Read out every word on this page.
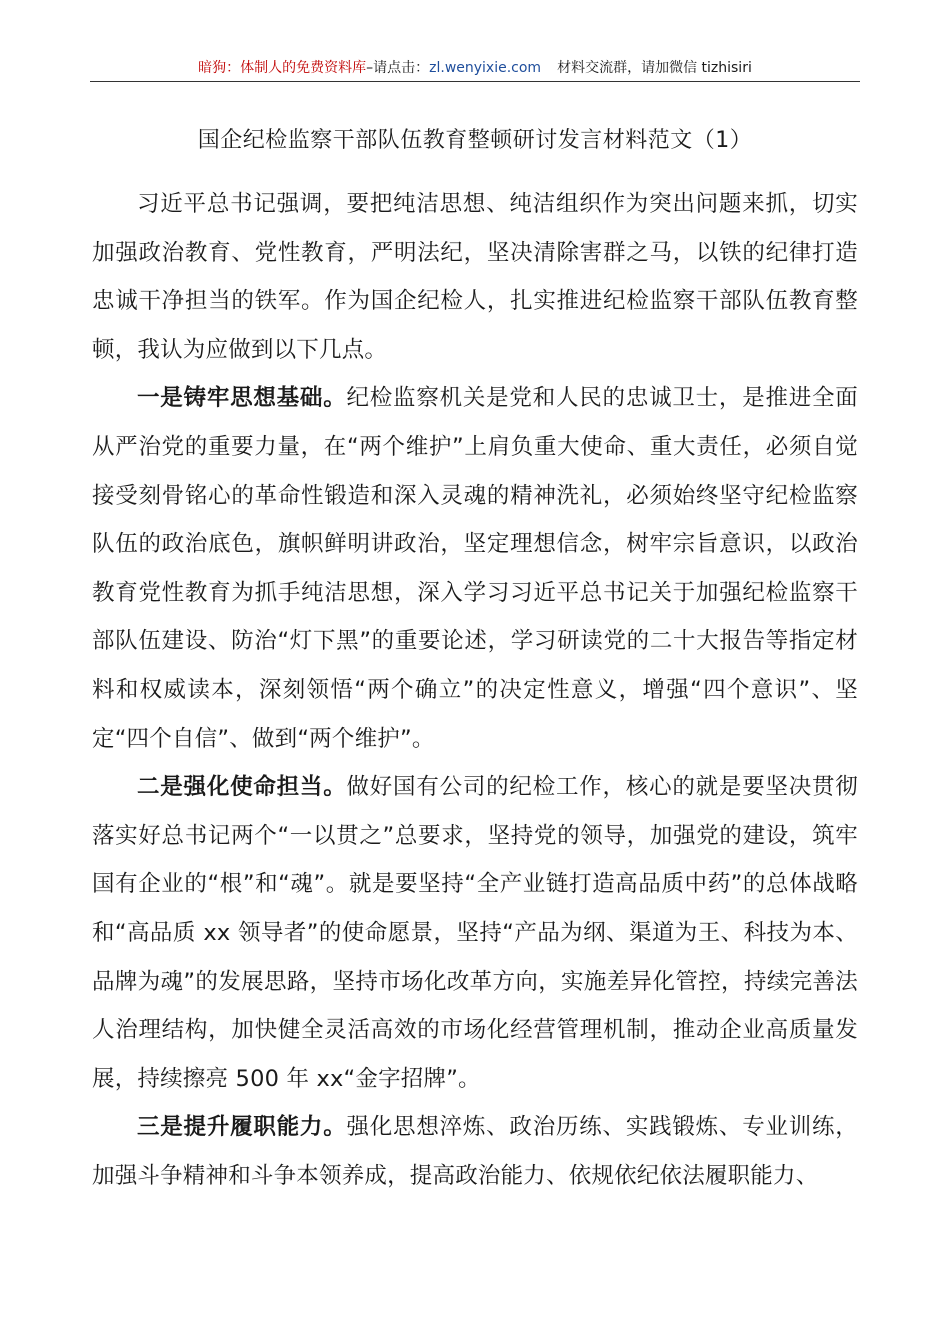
暗狗：体制人的免费资料库–请点击：zl.wenyixie.com 材料交流群，请加微信 tizhisiri
国企纪检监察干部队伍教育整顿研讨发言材料范文（1）

习近平总书记强调，要把纯洁思想、纯洁组织作为突出问题来抓，切实加强政治教育、党性教育，严明法纪，坚决清除害群之马，以铁的纪律打造忠诚干净担当的铁军。作为国企纪检人，扎实推进纪检监察干部队伍教育整顿，我认为应做到以下几点。

一是铸牢思想基础。纪检监察机关是党和人民的忠诚卫士，是推进全面从严治党的重要力量，在“两个维护”上肩负重大使命、重大责任，必须自觉接受刻骨铭心的革命性锻造和深入灵魂的精神洗礼，必须始终坚守纪检监察队伍的政治底色，旗帜鲜明讲政治，坚定理想信念，树牢宗旨意识，以政治教育党性教育为抓手纯洁思想，深入学习习近平总书记关于加强纪检监察干部队伍建设、防治“灯下黑”的重要论述，学习研读党的二十大报告等指定材料和权威读本，深刻领悟“两个确立”的决定性意义，增强“四个意识”、坚定“四个自信”、做到“两个维护”。

二是强化使命担当。做好国有公司的纪检工作，核心的就是要坚决贯彻落实好总书记两个“一以贯之”总要求，坚持党的领导，加强党的建设，筑牢国有企业的“根”和“魂”。就是要坚持“全产业链打造高品质中药”的总体战略和“高品质 xx 领导者”的使命愿景，坚持“产品为纲、渠道为王、科技为本、品牌为魂”的发展思路，坚持市场化改革方向，实施差异化管控，持续完善法人治理结构，加快健全灵活高效的市场化经营管理机制，推动企业高质量发展，持续擦亮 500 年 xx“金字招牌”。

三是提升履职能力。强化思想淬炼、政治历练、实践锻炼、专业训练，加强斗争精神和斗争本领养成，提高政治能力、依规依纪依法履职能力、
